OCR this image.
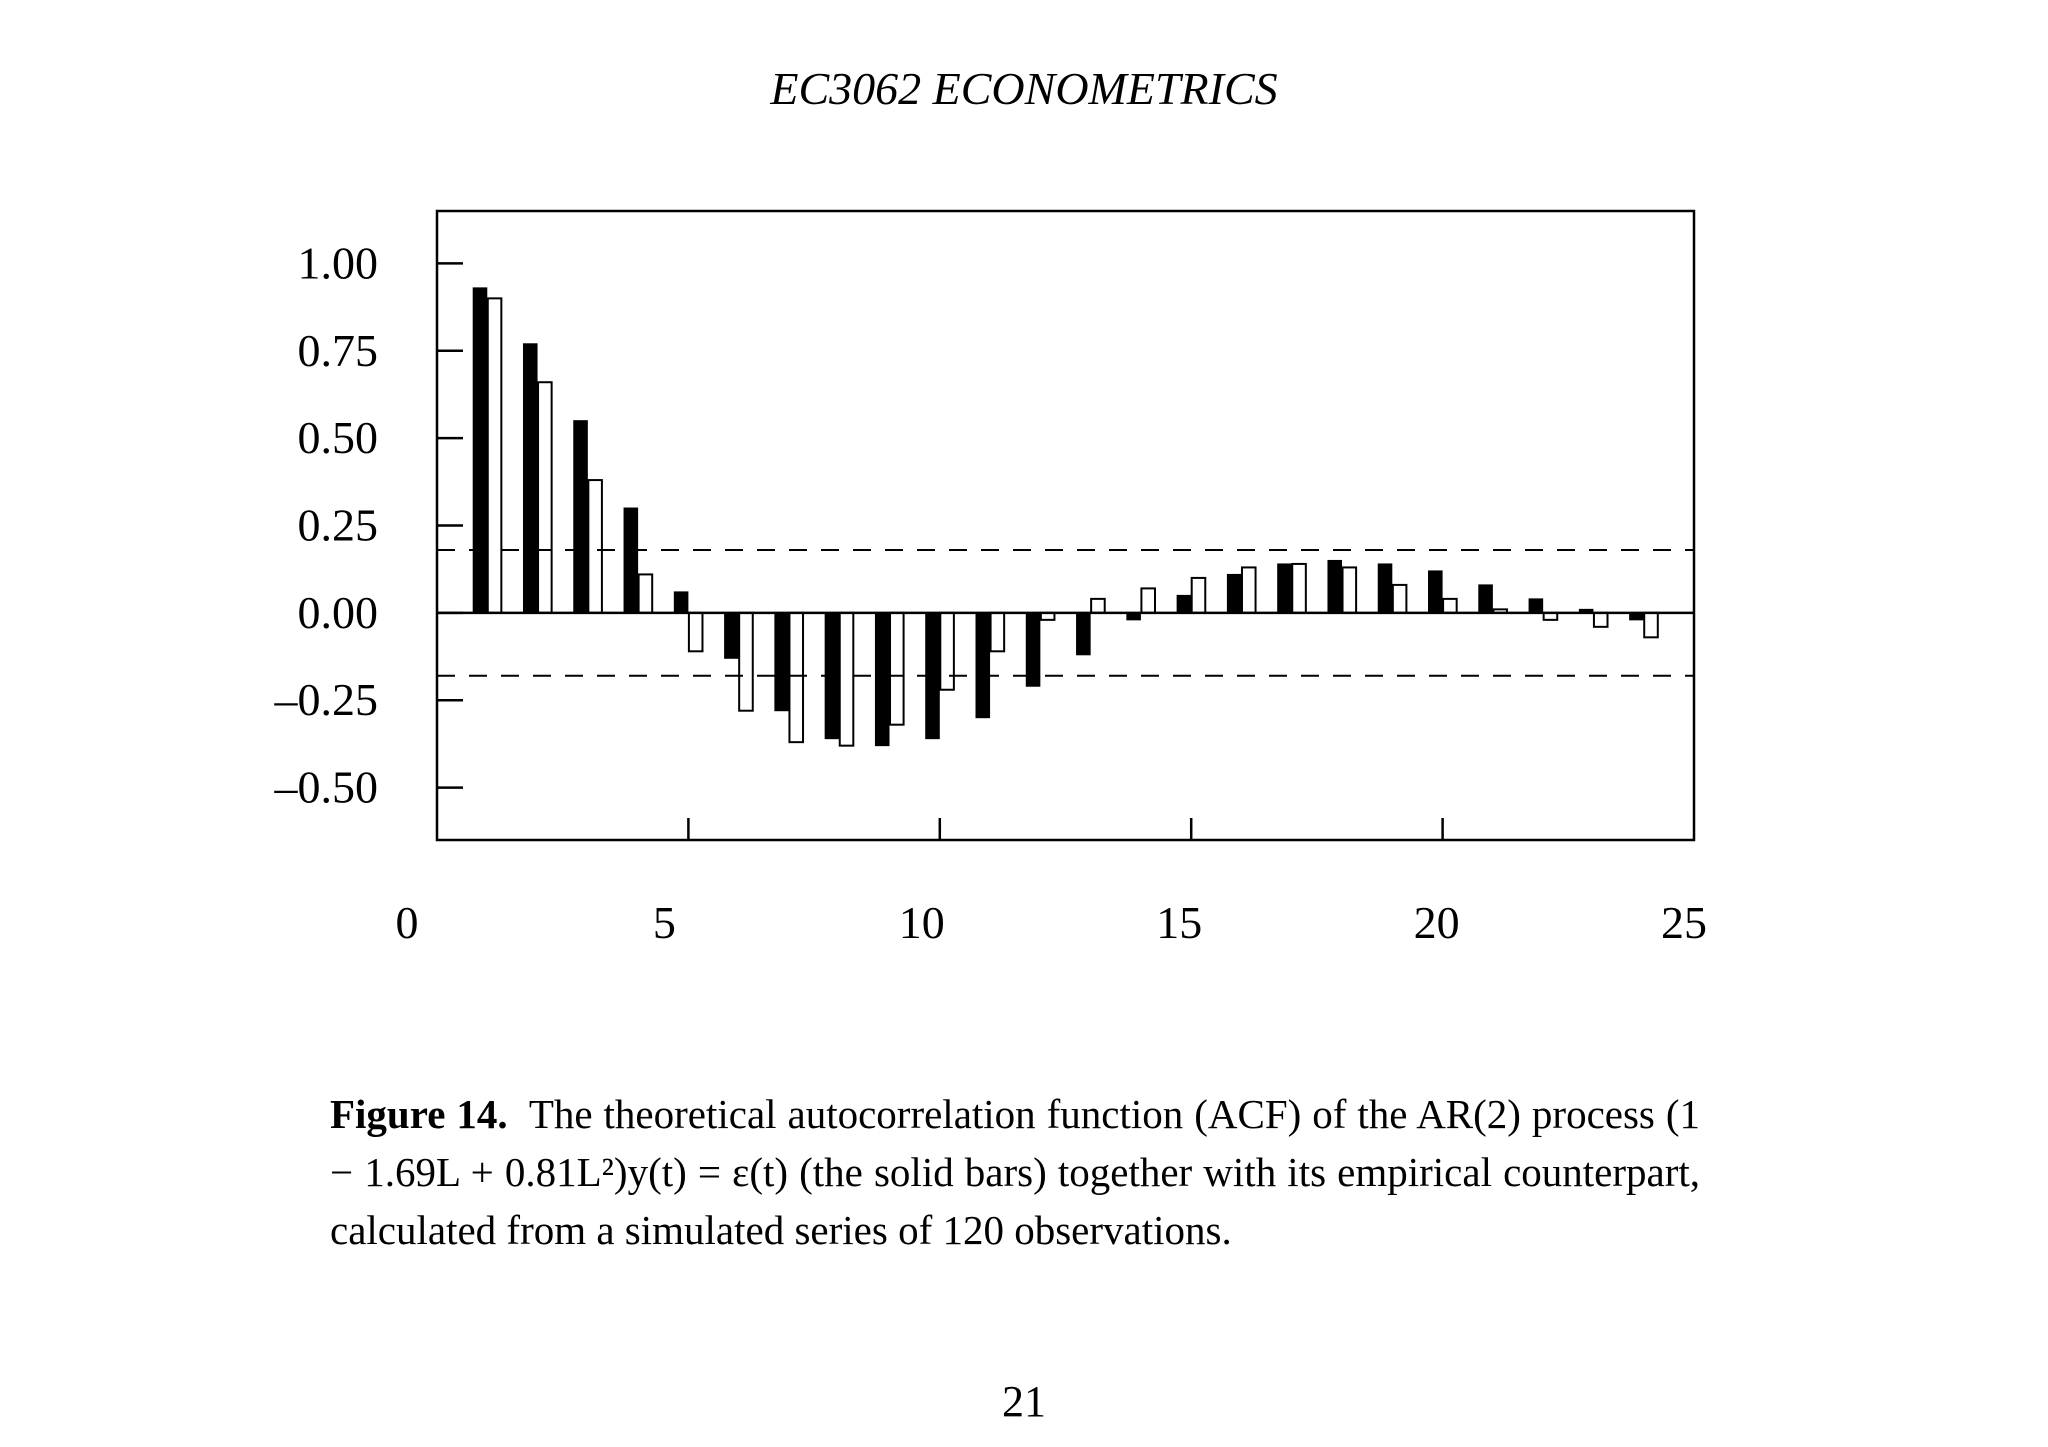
EC3062 ECONOMETRICS
1.00
0.75
0.50
0.25
0.00
–0.25
–0.50
0	5	10	15	20	25
Figure 14. The theoretical autocorrelation function (ACF) of the AR(2) process (1 − 1.69L + 0.81L²)y(t) = ε(t) (the solid bars) together with its empirical counterpart, calculated from a simulated series of 120 observations.
21
